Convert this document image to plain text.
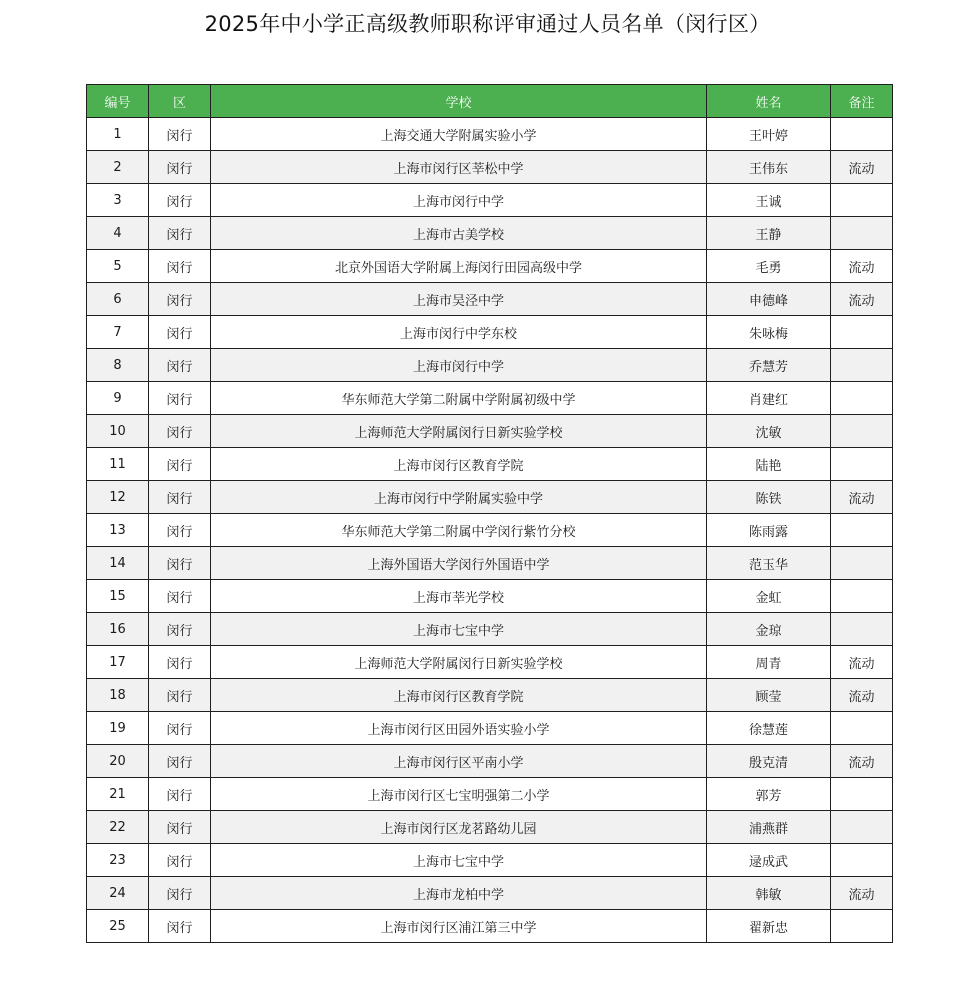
2025年中小学正高级教师职称评审通过人员名单（闵行区）
编号	区	学校	姓名	备注
1	闵行	上海交通大学附属实验小学	王叶婷	
2	闵行	上海市闵行区莘松中学	王伟东	流动
3	闵行	上海市闵行中学	王诚	
4	闵行	上海市古美学校	王静	
5	闵行	北京外国语大学附属上海闵行田园高级中学	毛勇	流动
6	闵行	上海市吴泾中学	申德峰	流动
7	闵行	上海市闵行中学东校	朱咏梅	
8	闵行	上海市闵行中学	乔慧芳	
9	闵行	华东师范大学第二附属中学附属初级中学	肖建红	
10	闵行	上海师范大学附属闵行日新实验学校	沈敏	
11	闵行	上海市闵行区教育学院	陆艳	
12	闵行	上海市闵行中学附属实验中学	陈铁	流动
13	闵行	华东师范大学第二附属中学闵行紫竹分校	陈雨露	
14	闵行	上海外国语大学闵行外国语中学	范玉华	
15	闵行	上海市莘光学校	金虹	
16	闵行	上海市七宝中学	金琼	
17	闵行	上海师范大学附属闵行日新实验学校	周青	流动
18	闵行	上海市闵行区教育学院	顾莹	流动
19	闵行	上海市闵行区田园外语实验小学	徐慧莲	
20	闵行	上海市闵行区平南小学	殷克清	流动
21	闵行	上海市闵行区七宝明强第二小学	郭芳	
22	闵行	上海市闵行区龙茗路幼儿园	浦燕群	
23	闵行	上海市七宝中学	逯成武	
24	闵行	上海市龙柏中学	韩敏	流动
25	闵行	上海市闵行区浦江第三中学	翟新忠	
